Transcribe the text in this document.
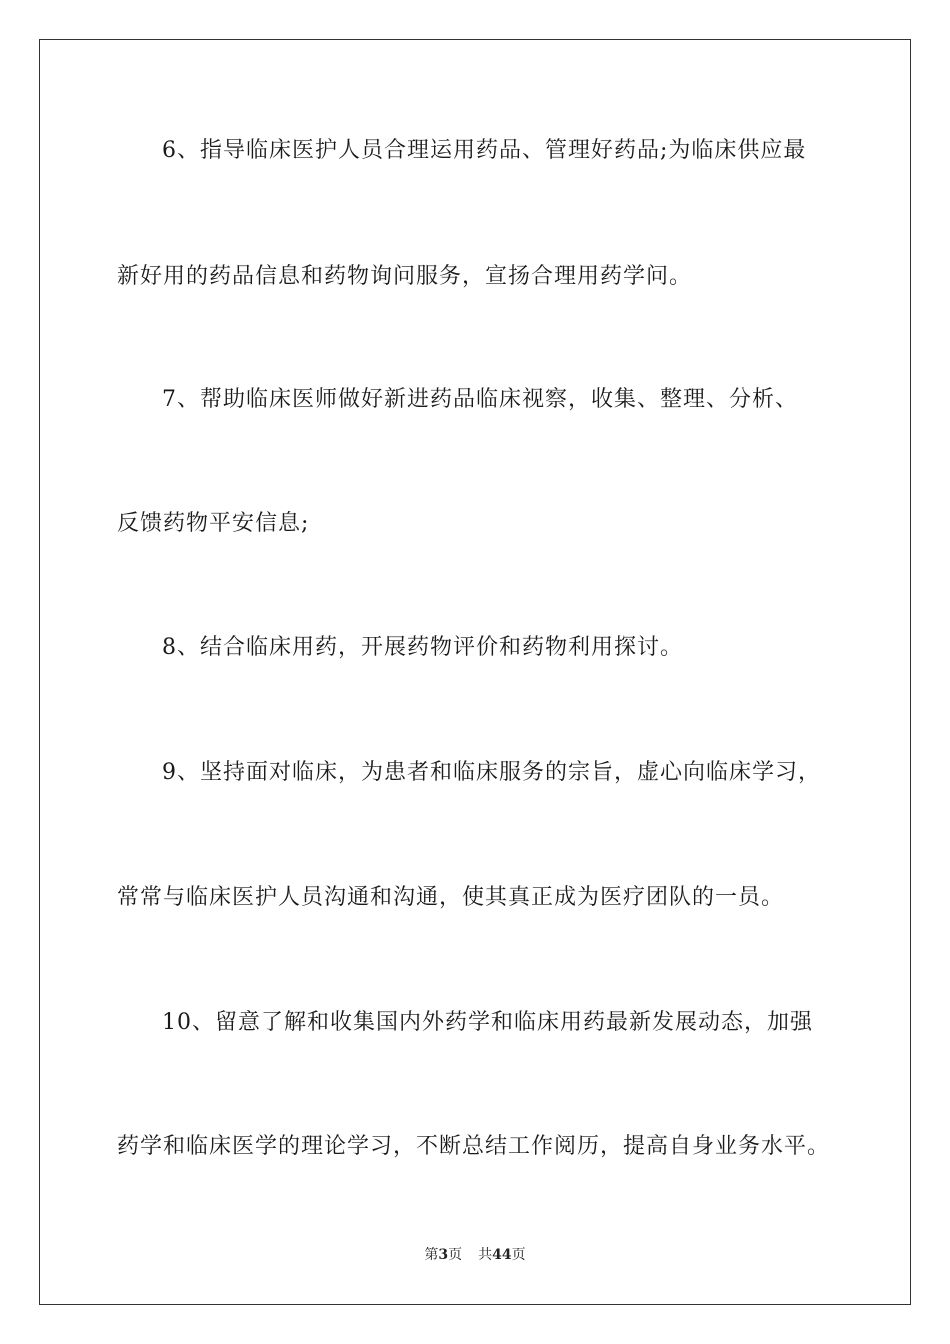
6、指导临床医护人员合理运用药品、管理好药品;为临床供应最
新好用的药品信息和药物询问服务，宣扬合理用药学问。
7、帮助临床医师做好新进药品临床视察，收集、整理、分析、
反馈药物平安信息;
8、结合临床用药，开展药物评价和药物利用探讨。
9、坚持面对临床，为患者和临床服务的宗旨，虚心向临床学习，
常常与临床医护人员沟通和沟通，使其真正成为医疗团队的一员。
10、留意了解和收集国内外药学和临床用药最新发展动态，加强
药学和临床医学的理论学习，不断总结工作阅历，提高自身业务水平。
第3页 共44页
